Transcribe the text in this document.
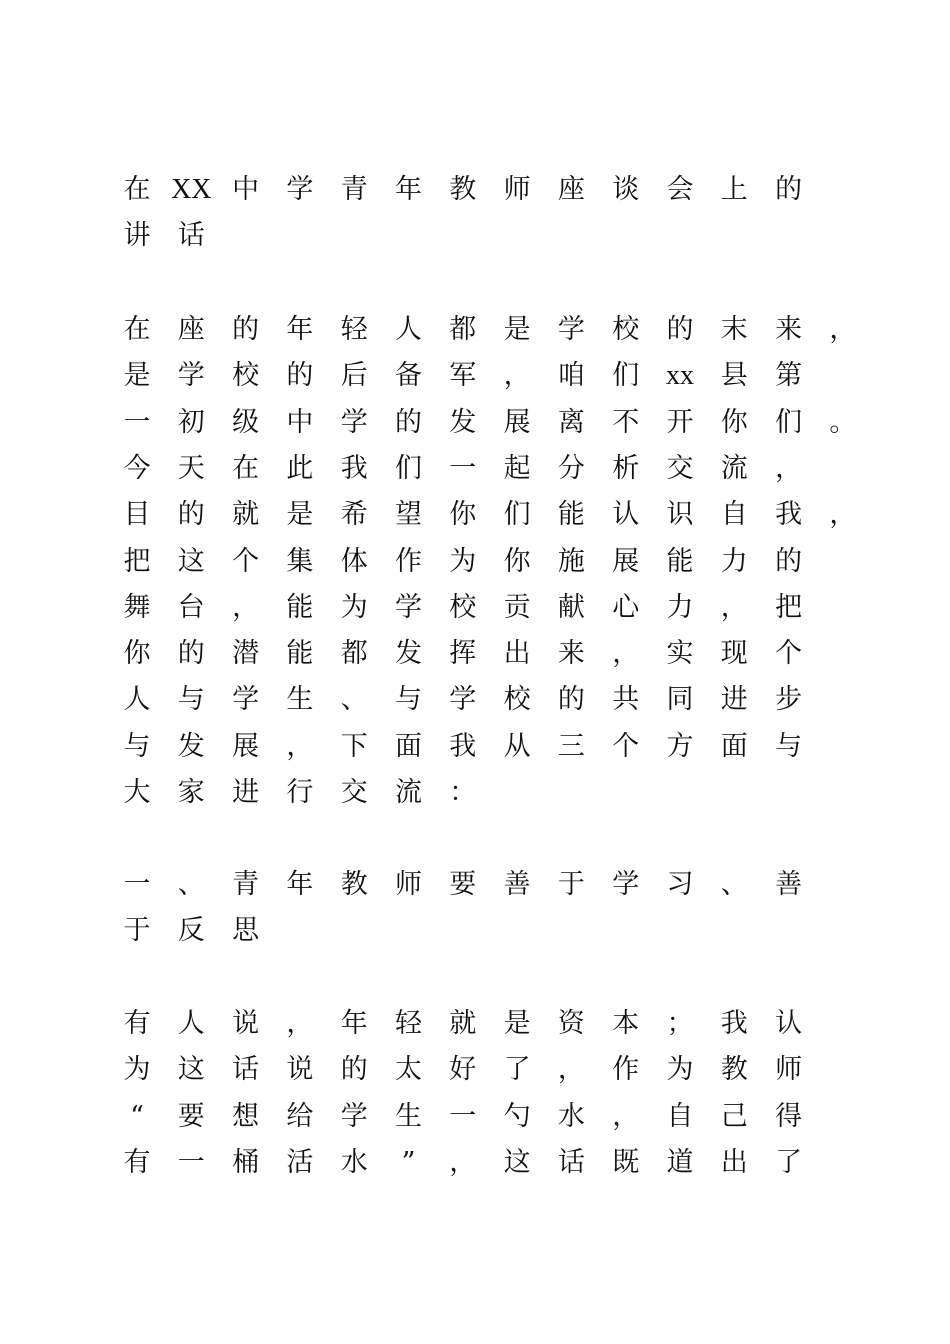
在 XX 中	学	青	年	教	师	座	谈	会	上	的
讲	话
在	座	的	年	轻	人	都	是	学	校	的	末	来	，
是	学	校	的	后	备	军	，	咱	们 xx 县	第
一	初	级	中	学	的	发	展	离	不	开	你	们	。
今	天	在	此	我	们	一	起	分	析	交	流	，
目	的	就	是	希	望	你	们	能	认	识	自	我	，
把	这	个	集	体	作	为	你	施	展	能	力	的
舞	台	，	能	为	学	校	贡	献	心	力	，	把
你	的	潜	能	都	发	挥	出	来	，	实	现	个
人	与	学	生	、	与	学	校	的	共	同	进	步
与	发	展	，	下	面	我	从	三	个	方	面	与
大	家	进	行	交	流	：
一	、	青	年	教	师	要	善	于	学	习	、	善
于	反	思
有	人	说	，	年	轻	就	是	资	本	；	我	认
为	这	话	说	的	太	好	了	，	作	为	教	师
“	要	想	给	学	生	一	勺	水	，	自	己	得
有	一	桶	活	水	”	，	这	话	既	道	出	了
